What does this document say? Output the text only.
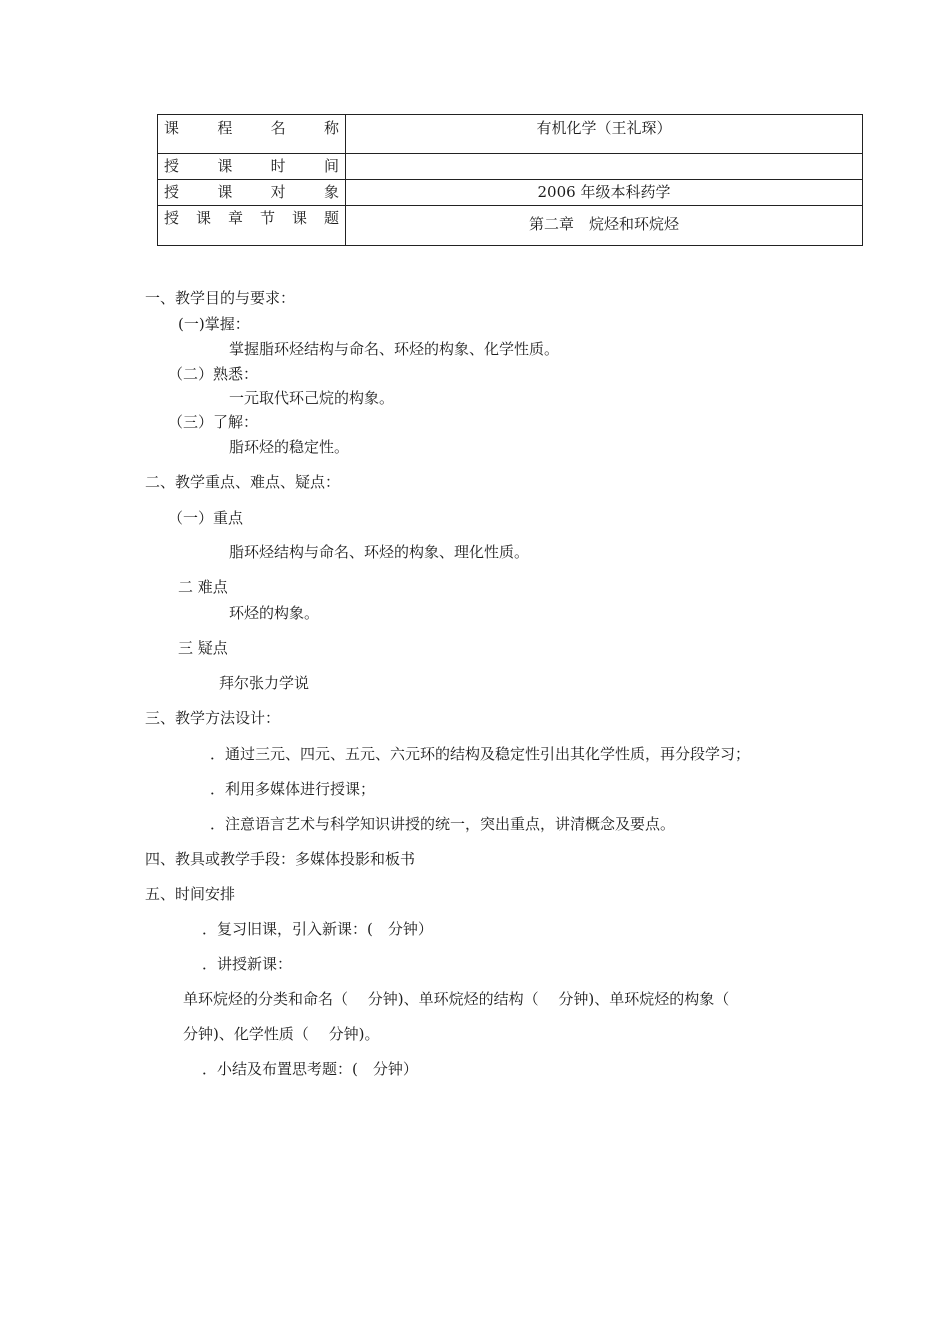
课程名称	有机化学（王礼琛）

授课时间	

授课对象	2006 年级本科药学

授课章节课题	第二章　烷烃和环烷烃
一、教学目的与要求：
(一)掌握：
掌握脂环烃结构与命名、环烃的构象、化学性质。
（二）熟悉：
一元取代环己烷的构象。
（三）了解：
脂环烃的稳定性。
二、教学重点、难点、疑点：
（一）重点
脂环烃结构与命名、环烃的构象、理化性质。
二 难点
环烃的构象。
三 疑点
拜尔张力学说
三、教学方法设计：
．通过三元、四元、五元、六元环的结构及稳定性引出其化学性质，再分段学习；
．利用多媒体进行授课；
．注意语言艺术与科学知识讲授的统一，突出重点，讲清概念及要点。
四、教具或教学手段：多媒体投影和板书
五、时间安排
．复习旧课，引入新课：(　分钟）
．讲授新课：
单环烷烃的分类和命名（　 分钟)、单环烷烃的结构（　 分钟)、单环烷烃的构象（
分钟)、化学性质（　 分钟)。
．小结及布置思考题：(　分钟）
